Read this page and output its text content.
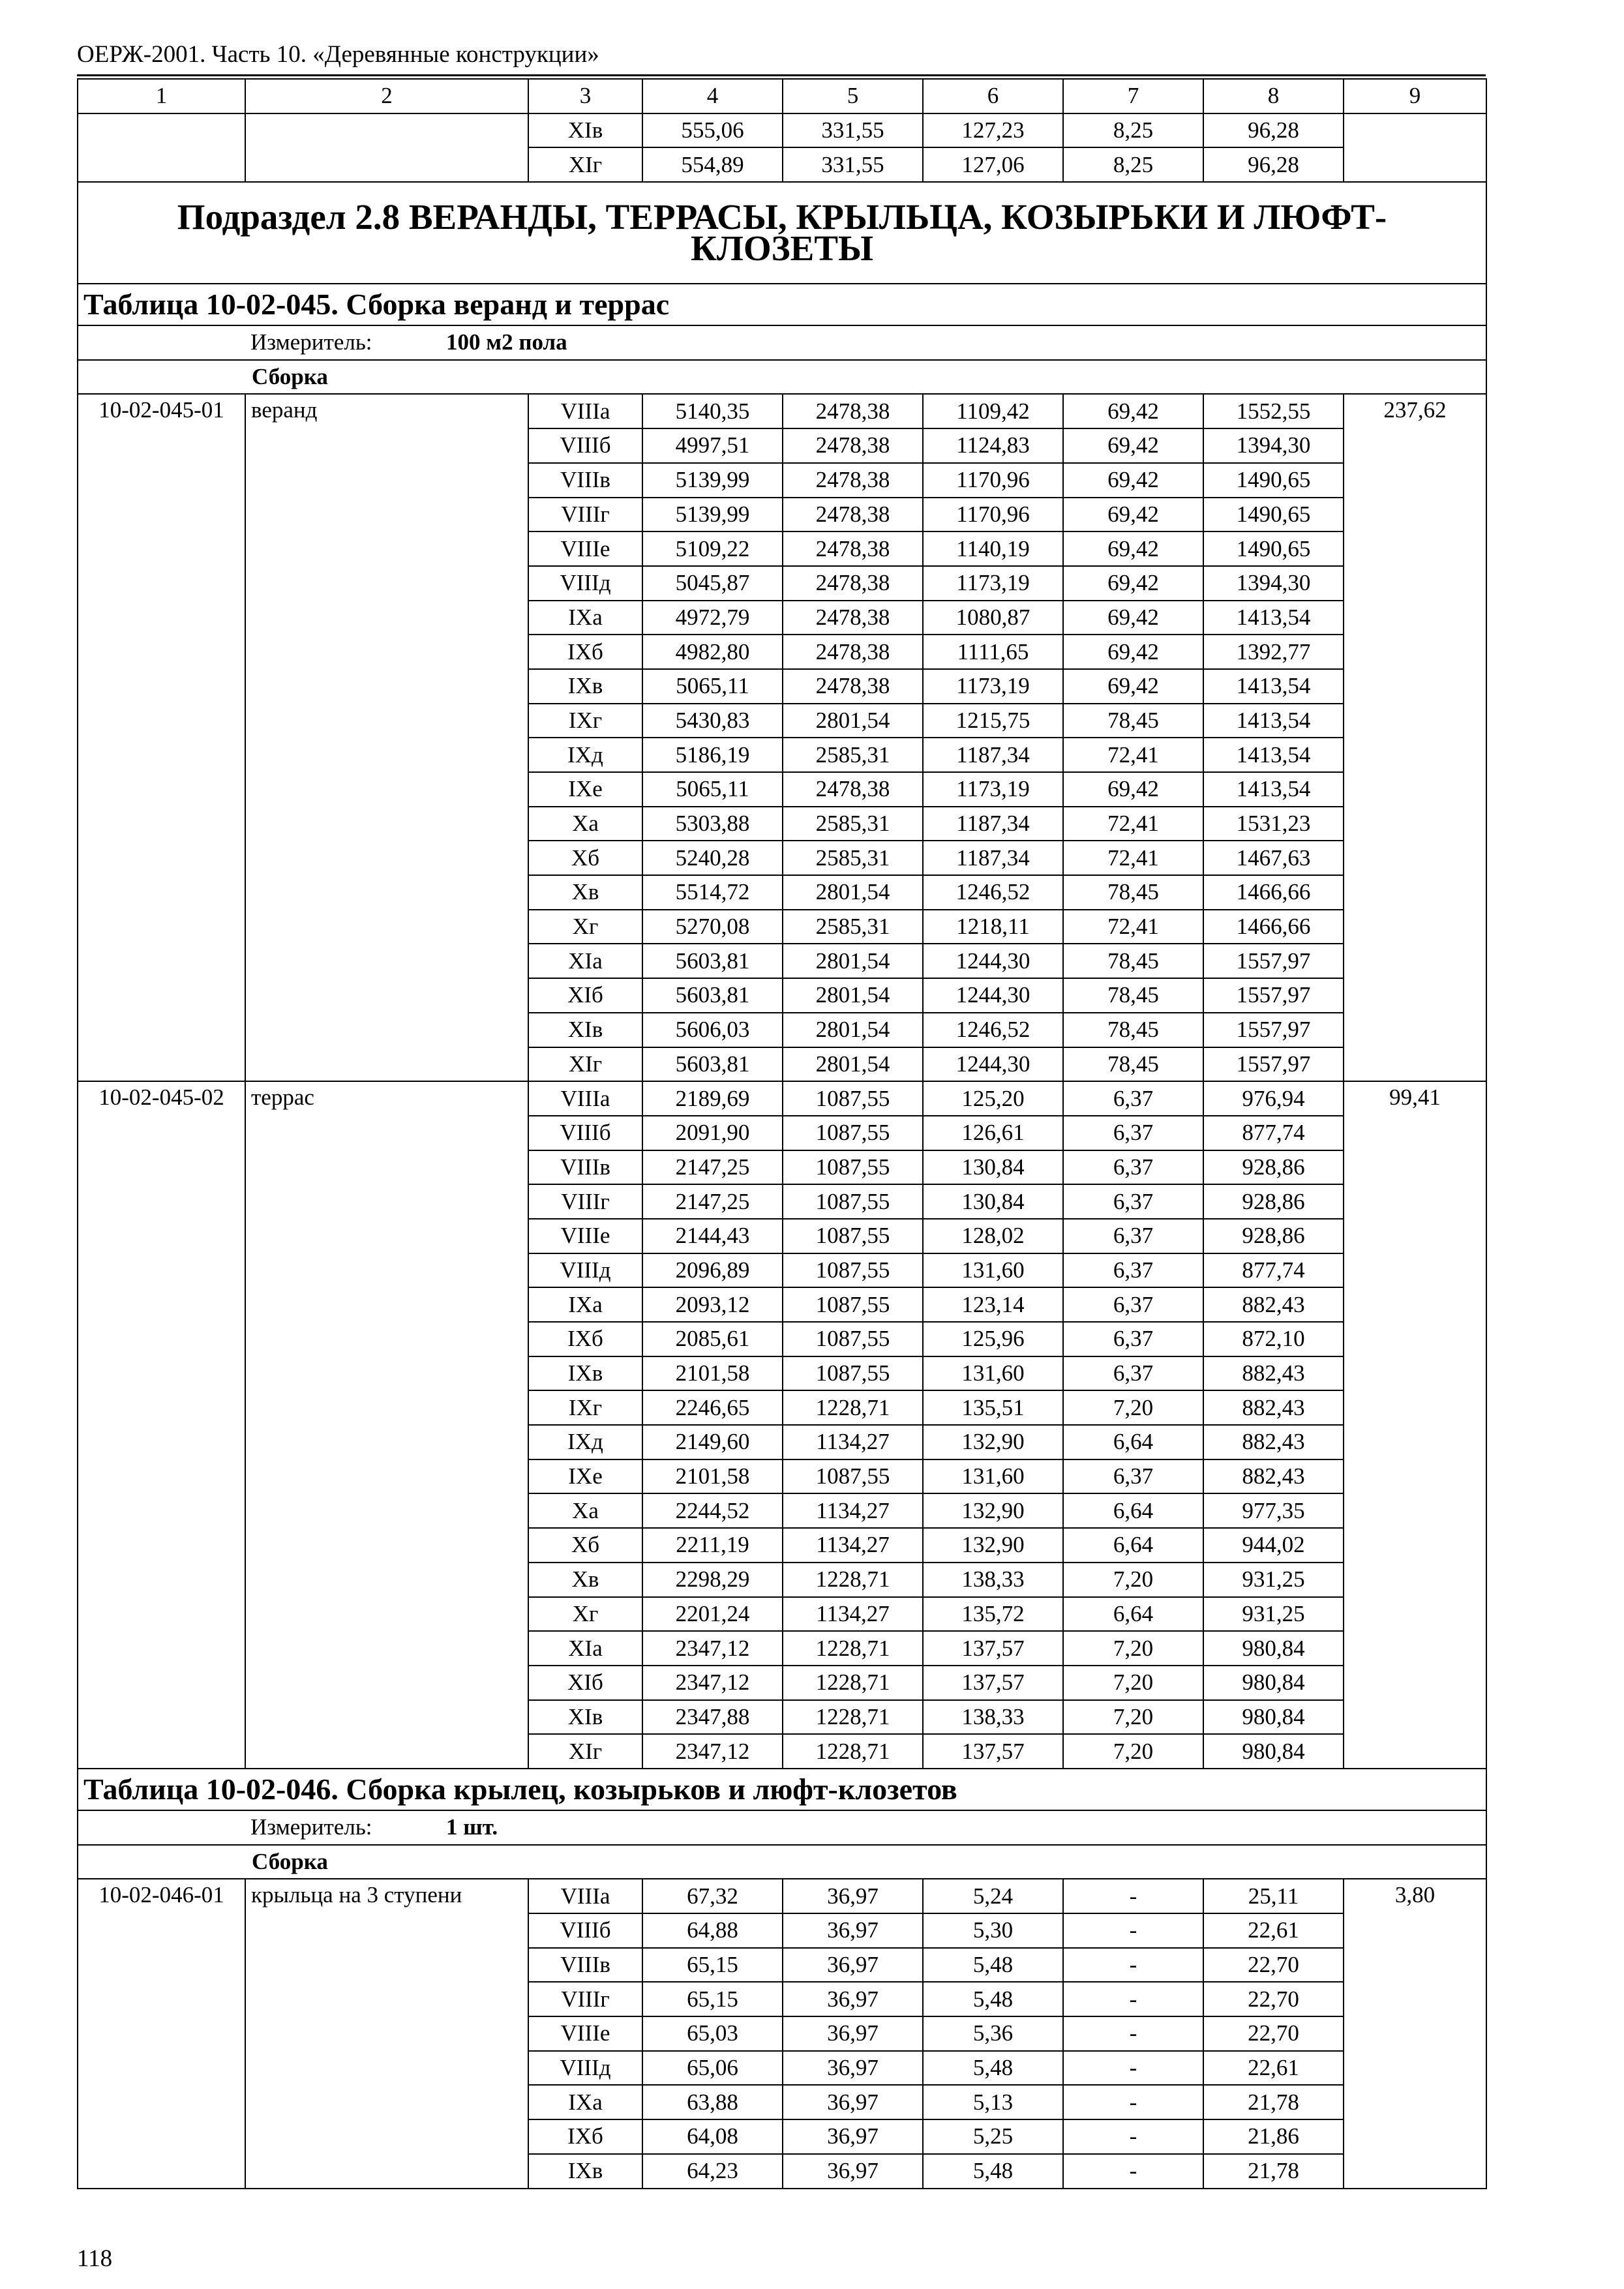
ОЕРЖ-2001. Часть 10. «Деревянные конструкции»
1	2	3	4	5	6	7	8	9
		XIв	555,06	331,55	127,23	8,25	96,28	
		XIг	554,89	331,55	127,06	8,25	96,28	
Подраздел 2.8 ВЕРАНДЫ, ТЕРРАСЫ, КРЫЛЬЦА, КОЗЫРЬКИ И ЛЮФТ-КЛОЗЕТЫ								
Таблица 10-02-045. Сборка веранд и террас								
Измеритель: 100 м2 пола								
Сборка								
10-02-045-01	веранд	VIIIа	5140,35	2478,38	1109,42	69,42	1552,55	237,62
		VIIIб	4997,51	2478,38	1124,83	69,42	1394,30	
		VIIIв	5139,99	2478,38	1170,96	69,42	1490,65	
		VIIIг	5139,99	2478,38	1170,96	69,42	1490,65	
		VIIIе	5109,22	2478,38	1140,19	69,42	1490,65	
		VIIIд	5045,87	2478,38	1173,19	69,42	1394,30	
		IXа	4972,79	2478,38	1080,87	69,42	1413,54	
		IXб	4982,80	2478,38	1111,65	69,42	1392,77	
		IXв	5065,11	2478,38	1173,19	69,42	1413,54	
		IXг	5430,83	2801,54	1215,75	78,45	1413,54	
		IXд	5186,19	2585,31	1187,34	72,41	1413,54	
		IXе	5065,11	2478,38	1173,19	69,42	1413,54	
		Xа	5303,88	2585,31	1187,34	72,41	1531,23	
		Xб	5240,28	2585,31	1187,34	72,41	1467,63	
		Xв	5514,72	2801,54	1246,52	78,45	1466,66	
		Xг	5270,08	2585,31	1218,11	72,41	1466,66	
		XIа	5603,81	2801,54	1244,30	78,45	1557,97	
		XIб	5603,81	2801,54	1244,30	78,45	1557,97	
		XIв	5606,03	2801,54	1246,52	78,45	1557,97	
		XIг	5603,81	2801,54	1244,30	78,45	1557,97	
10-02-045-02	террас	VIIIа	2189,69	1087,55	125,20	6,37	976,94	99,41
		VIIIб	2091,90	1087,55	126,61	6,37	877,74	
		VIIIв	2147,25	1087,55	130,84	6,37	928,86	
		VIIIг	2147,25	1087,55	130,84	6,37	928,86	
		VIIIе	2144,43	1087,55	128,02	6,37	928,86	
		VIIIд	2096,89	1087,55	131,60	6,37	877,74	
		IXа	2093,12	1087,55	123,14	6,37	882,43	
		IXб	2085,61	1087,55	125,96	6,37	872,10	
		IXв	2101,58	1087,55	131,60	6,37	882,43	
		IXг	2246,65	1228,71	135,51	7,20	882,43	
		IXд	2149,60	1134,27	132,90	6,64	882,43	
		IXе	2101,58	1087,55	131,60	6,37	882,43	
		Xа	2244,52	1134,27	132,90	6,64	977,35	
		Xб	2211,19	1134,27	132,90	6,64	944,02	
		Xв	2298,29	1228,71	138,33	7,20	931,25	
		Xг	2201,24	1134,27	135,72	6,64	931,25	
		XIа	2347,12	1228,71	137,57	7,20	980,84	
		XIб	2347,12	1228,71	137,57	7,20	980,84	
		XIв	2347,88	1228,71	138,33	7,20	980,84	
		XIг	2347,12	1228,71	137,57	7,20	980,84	
Таблица 10-02-046. Сборка крылец, козырьков и люфт-клозетов								
Измеритель: 1 шт.								
Сборка								
10-02-046-01	крыльца на 3 ступени	VIIIа	67,32	36,97	5,24	-	25,11	3,80
		VIIIб	64,88	36,97	5,30	-	22,61	
		VIIIв	65,15	36,97	5,48	-	22,70	
		VIIIг	65,15	36,97	5,48	-	22,70	
		VIIIе	65,03	36,97	5,36	-	22,70	
		VIIIд	65,06	36,97	5,48	-	22,61	
		IXа	63,88	36,97	5,13	-	21,78	
		IXб	64,08	36,97	5,25	-	21,86	
		IXв	64,23	36,97	5,48	-	21,78	
118
